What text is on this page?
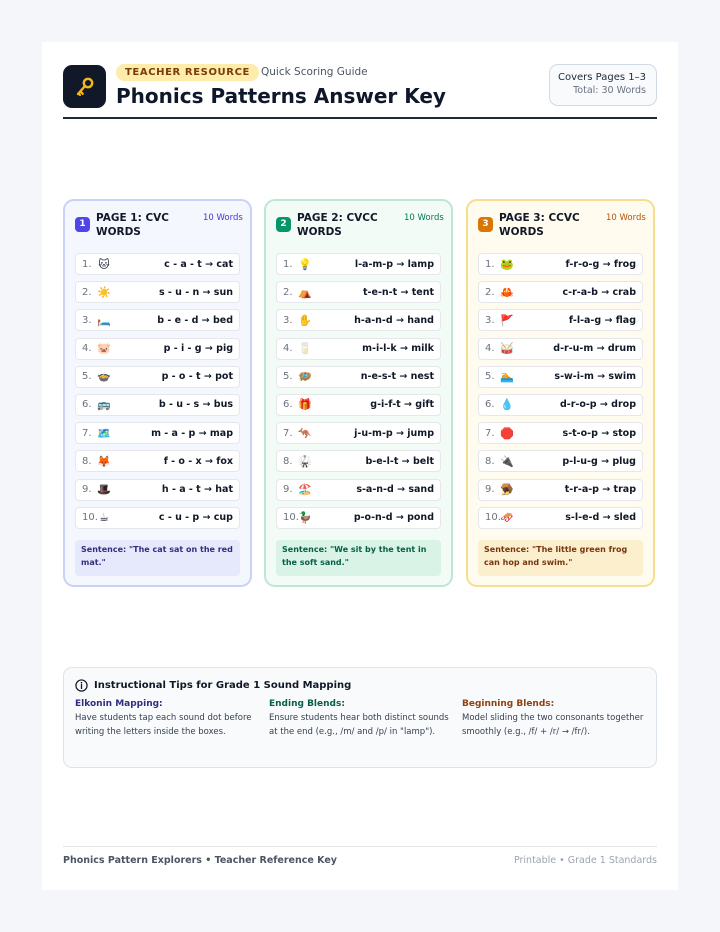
TEACHER RESOURCE	Quick Scoring Guide
Phonics Patterns Answer Key
Covers Pages 1–3
Total: 30 Words
1 PAGE 1: CVC WORDS
10 Words
1. 🐱	c - a - t → cat
2. ☀️	s - u - n → sun
3. 🛏️	b - e - d → bed
4. 🐷	p - i - g → pig
5. 🍲	p - o - t → pot
6. 🚌	b - u - s → bus
7. 🗺️	m - a - p → map
8. 🦊	f - o - x → fox
9. 🎩	h - a - t → hat
10. ☕	c - u - p → cup
Sentence: "The cat sat on the red mat."
2 PAGE 2: CVCC WORDS
10 Words
1. 💡	l-a-m-p → lamp
2. ⛺	t-e-n-t → tent
3. ✋	h-a-n-d → hand
4. 🥛	m-i-l-k → milk
5. 🪺	n-e-s-t → nest
6. 🎁	g-i-f-t → gift
7. 🦘	j-u-m-p → jump
8. 🥋	b-e-l-t → belt
9. 🏖️	s-a-n-d → sand
10. 🦆	p-o-n-d → pond
Sentence: "We sit by the tent in the soft sand."
3 PAGE 3: CCVC WORDS
10 Words
1. 🐸	f-r-o-g → frog
2. 🦀	c-r-a-b → crab
3. 🚩	f-l-a-g → flag
4. 🥁	d-r-u-m → drum
5. 🏊	s-w-i-m → swim
6. 💧	d-r-o-p → drop
7. 🛑	s-t-o-p → stop
8. 🔌	p-l-u-g → plug
9. 🪤	t-r-a-p → trap
10. 🛷	s-l-e-d → sled
Sentence: "The little green frog can hop and swim."
Instructional Tips for Grade 1 Sound Mapping
Elkonin Mapping:
Have students tap each sound dot before writing the letters inside the boxes.
Ending Blends:
Ensure students hear both distinct sounds at the end (e.g., /m/ and /p/ in "lamp").
Beginning Blends:
Model sliding the two consonants together smoothly (e.g., /f/ + /r/ → /fr/).
Phonics Pattern Explorers • Teacher Reference Key	Printable • Grade 1 Standards
